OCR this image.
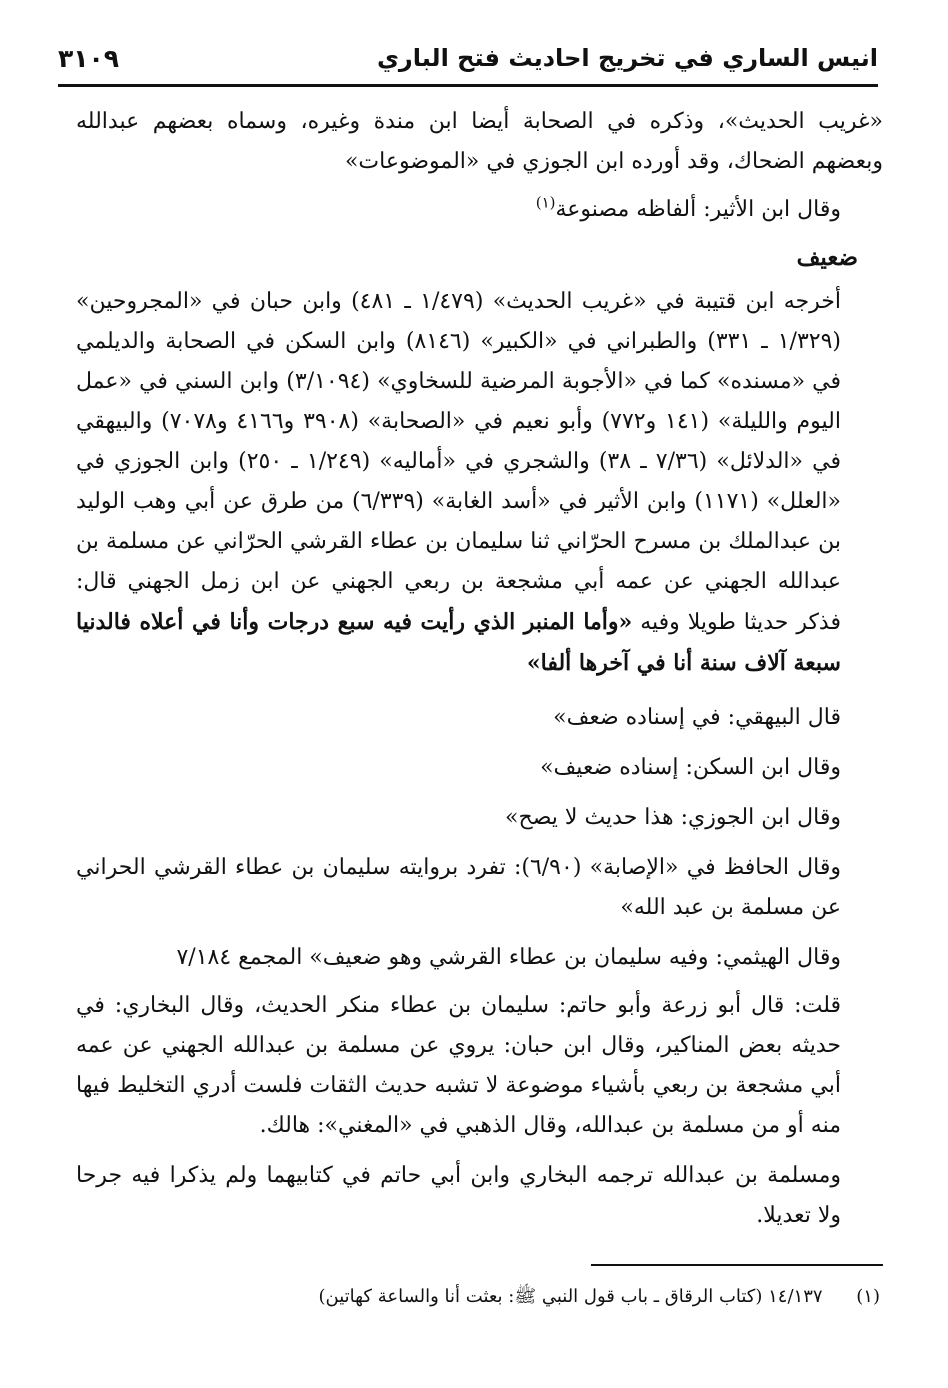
انيس الساري في تخريج احاديث فتح الباري
٣١٠٩

«غريب الحديث»، وذكره في الصحابة أيضا ابن مندة وغيره، وسماه بعضهم عبدالله وبعضهم الضحاك، وقد أورده ابن الجوزي في «الموضوعات»

وقال ابن الأثير: ألفاظه مصنوعة$^{(١)}$

ضعيف

أخرجه ابن قتيبة في «غريب الحديث» (١/٤٧٩ ـ ٤٨١) وابن حبان في «المجروحين» (١/٣٢٩ ـ ٣٣١) والطبراني في «الكبير» (٨١٤٦) وابن السكن في الصحابة والديلمي في «مسنده» كما في «الأجوبة المرضية للسخاوي» (٣/١٠٩٤) وابن السني في «عمل اليوم والليلة» (١٤١ و٧٧٢) وأبو نعيم في «الصحابة» (٣٩٠٨ و٤١٦٦ و٧٠٧٨) والبيهقي في «الدلائل» (٧/٣٦ ـ ٣٨) والشجري في «أماليه» (١/٢٤٩ ـ ٢٥٠) وابن الجوزي في «العلل» (١١٧١) وابن الأثير في «أسد الغابة» (٦/٣٣٩) من طرق عن أبي وهب الوليد بن عبدالملك بن مسرح الحرّاني ثنا سليمان بن عطاء القرشي الحرّاني عن مسلمة بن عبدالله الجهني عن عمه أبي مشجعة بن ربعي الجهني عن ابن زمل الجهني قال: فذكر حديثا طويلا وفيه «وأما المنبر الذي رأيت فيه سبع درجات وأنا في أعلاه فالدنيا سبعة آلاف سنة أنا في آخرها ألفا»

قال البيهقي: في إسناده ضعف»

وقال ابن السكن: إسناده ضعيف»

وقال ابن الجوزي: هذا حديث لا يصح»

وقال الحافظ في «الإصابة» (٦/٩٠): تفرد بروايته سليمان بن عطاء القرشي الحراني عن مسلمة بن عبد الله»

وقال الهيثمي: وفيه سليمان بن عطاء القرشي وهو ضعيف» المجمع ٧/١٨٤

قلت: قال أبو زرعة وأبو حاتم: سليمان بن عطاء منكر الحديث، وقال البخاري: في حديثه بعض المناكير، وقال ابن حبان: يروي عن مسلمة بن عبدالله الجهني عن عمه أبي مشجعة بن ربعي بأشياء موضوعة لا تشبه حديث الثقات فلست أدري التخليط فيها منه أو من مسلمة بن عبدالله، وقال الذهبي في «المغني»: هالك.

ومسلمة بن عبدالله ترجمه البخاري وابن أبي حاتم في كتابيهما ولم يذكرا فيه جرحا ولا تعديلا.

(١) ١٤/١٣٧ (كتاب الرقاق ـ باب قول النبي ﷺ: بعثت أنا والساعة كهاتين)
